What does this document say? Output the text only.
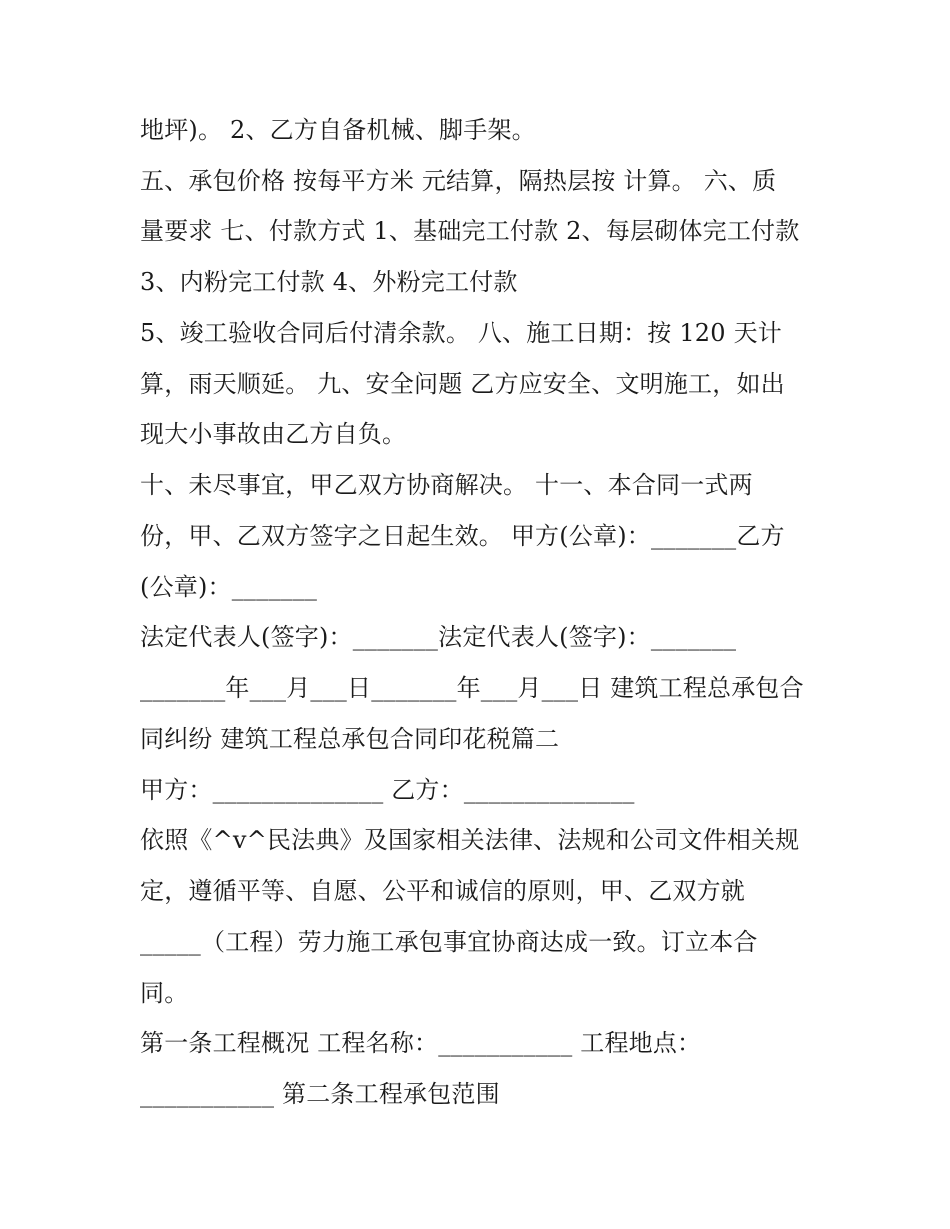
地坪)。 2、乙方自备机械、脚手架。
五、承包价格 按每平方米 元结算，隔热层按 计算。 六、质
量要求 七、付款方式 1、基础完工付款 2、每层砌体完工付款
3、内粉完工付款 4、外粉完工付款
5、竣工验收合同后付清余款。 八、施工日期：按 120 天计
算，雨天顺延。 九、安全问题 乙方应安全、文明施工，如出
现大小事故由乙方自负。
十、未尽事宜，甲乙双方协商解决。 十一、本合同一式两
份，甲、乙双方签字之日起生效。 甲方(公章)：_______乙方
(公章)：_______
法定代表人(签字)：_______法定代表人(签字)：_______
_______年___月___日_______年___月___日 建筑工程总承包合
同纠纷 建筑工程总承包合同印花税篇二
甲方：______________ 乙方：______________
依照《^v^民法典》及国家相关法律、法规和公司文件相关规
定，遵循平等、自愿、公平和诚信的原则，甲、乙双方就
_____（工程）劳力施工承包事宜协商达成一致。订立本合
同。
第一条工程概况 工程名称：___________ 工程地点：
___________ 第二条工程承包范围
